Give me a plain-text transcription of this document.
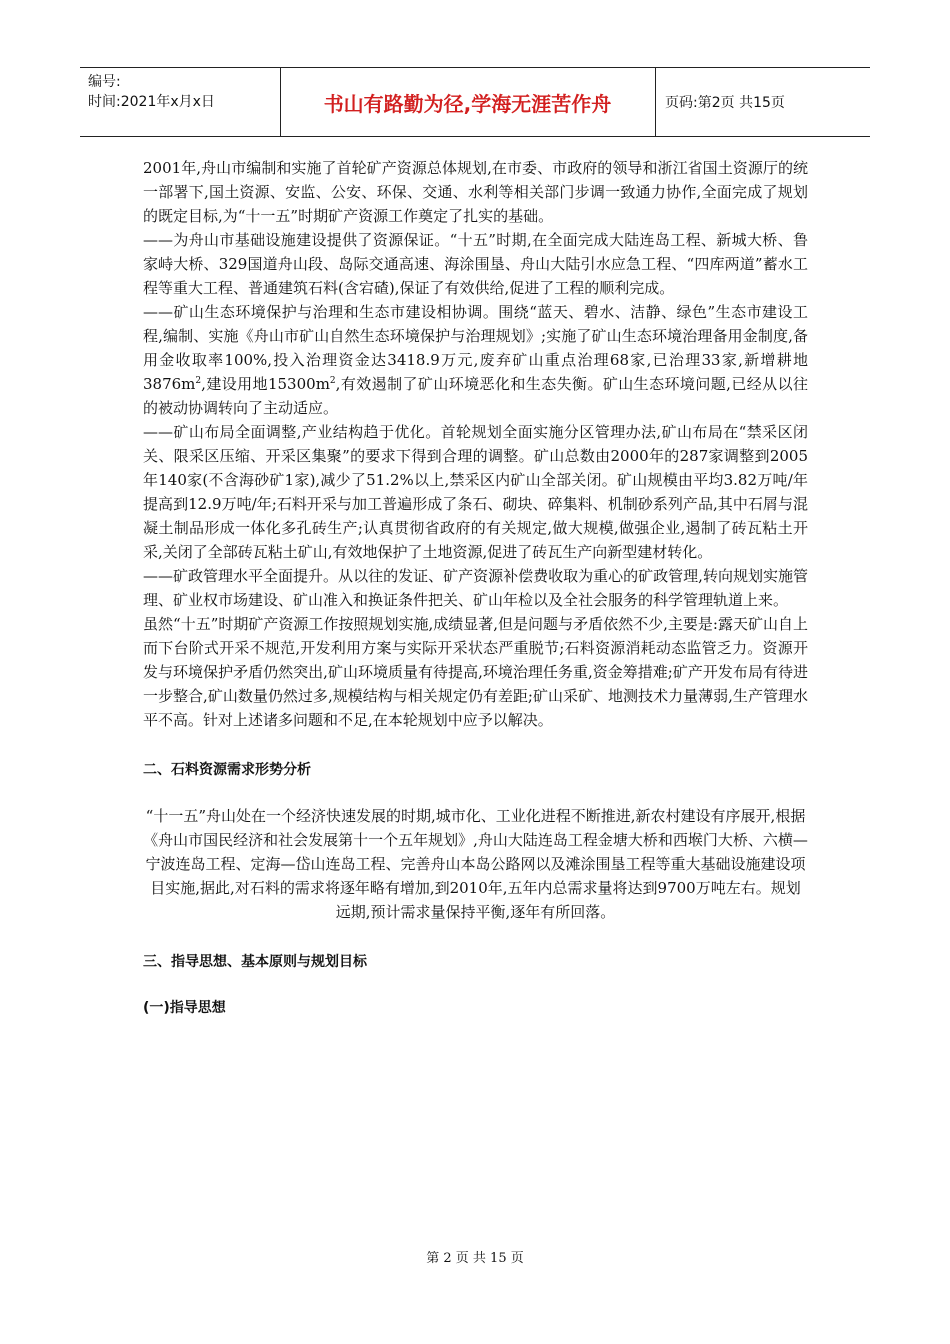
编号:
时间:2021年x月x日	书山有路勤为径,学海无涯苦作舟	页码:第2页 共15页

2001年,舟山市编制和实施了首轮矿产资源总体规划,在市委、市政府的领导和浙江省国土资源厅的统一部署下,国土资源、安监、公安、环保、交通、水利等相关部门步调一致通力协作,全面完成了规划的既定目标,为“十一五”时期矿产资源工作奠定了扎实的基础。

——为舟山市基础设施建设提供了资源保证。“十五”时期,在全面完成大陆连岛工程、新城大桥、鲁家峙大桥、329国道舟山段、岛际交通高速、海涂围垦、舟山大陆引水应急工程、“四库两道”蓄水工程等重大工程、普通建筑石料(含宕碴),保证了有效供给,促进了工程的顺利完成。

——矿山生态环境保护与治理和生态市建设相协调。围绕“蓝天、碧水、洁静、绿色”生态市建设工程,编制、实施《舟山市矿山自然生态环境保护与治理规划》;实施了矿山生态环境治理备用金制度,备用金收取率100%,投入治理资金达3418.9万元,废弃矿山重点治理68家,已治理33家,新增耕地$3876m^2$,建设用地$15300m^2$,有效遏制了矿山环境恶化和生态失衡。矿山生态环境问题,已经从以往的被动协调转向了主动适应。

——矿山布局全面调整,产业结构趋于优化。首轮规划全面实施分区管理办法,矿山布局在“禁采区闭关、限采区压缩、开采区集聚”的要求下得到合理的调整。矿山总数由2000年的287家调整到2005年140家(不含海砂矿1家),减少了51.2%以上,禁采区内矿山全部关闭。矿山规模由平均3.82万吨/年提高到12.9万吨/年;石料开采与加工普遍形成了条石、砌块、碎集料、机制砂系列产品,其中石屑与混凝土制品形成一体化多孔砖生产;认真贯彻省政府的有关规定,做大规模,做强企业,遏制了砖瓦粘土开采,关闭了全部砖瓦粘土矿山,有效地保护了土地资源,促进了砖瓦生产向新型建材转化。

——矿政管理水平全面提升。从以往的发证、矿产资源补偿费收取为重心的矿政管理,转向规划实施管理、矿业权市场建设、矿山准入和换证条件把关、矿山年检以及全社会服务的科学管理轨道上来。

虽然“十五”时期矿产资源工作按照规划实施,成绩显著,但是问题与矛盾依然不少,主要是:露天矿山自上而下台阶式开采不规范,开发利用方案与实际开采状态严重脱节;石料资源消耗动态监管乏力。资源开发与环境保护矛盾仍然突出,矿山环境质量有待提高,环境治理任务重,资金筹措难;矿产开发布局有待进一步整合,矿山数量仍然过多,规模结构与相关规定仍有差距;矿山采矿、地测技术力量薄弱,生产管理水平不高。针对上述诸多问题和不足,在本轮规划中应予以解决。

二、石料资源需求形势分析

“十一五”舟山处在一个经济快速发展的时期,城市化、工业化进程不断推进,新农村建设有序展开,根据《舟山市国民经济和社会发展第十一个五年规划》,舟山大陆连岛工程金塘大桥和西堠门大桥、六横—宁波连岛工程、定海—岱山连岛工程、完善舟山本岛公路网以及滩涂围垦工程等重大基础设施建设项目实施,据此,对石料的需求将逐年略有增加,到2010年,五年内总需求量将达到9700万吨左右。规划远期,预计需求量保持平衡,逐年有所回落。

三、指导思想、基本原则与规划目标

(一)指导思想

第 2 页 共 15 页
